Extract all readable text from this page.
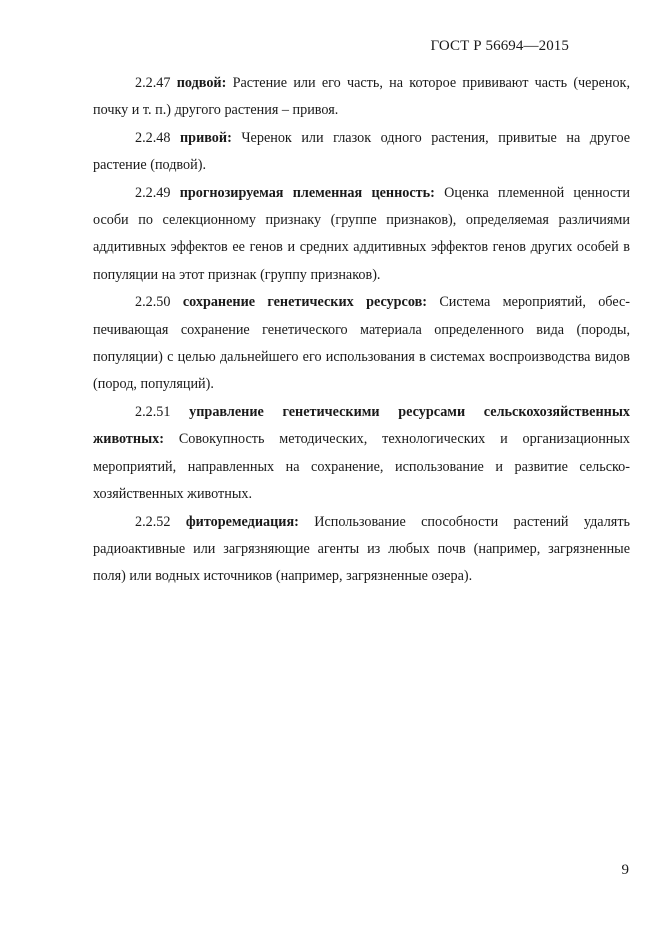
ГОСТ Р 56694—2015

2.2.47 подвой: Растение или его часть, на которое прививают часть (черенок, почку и т. п.) другого растения – привоя.

2.2.48 привой: Черенок или глазок одного растения, привитые на другое растение (подвой).

2.2.49 прогнозируемая племенная ценность: Оценка племенной ценности особи по селекционному признаку (группе признаков), определяемая различиями аддитивных эффектов ее генов и средних аддитивных эффектов генов других особей в популяции на этот признак (группу признаков).

2.2.50 сохранение генетических ресурсов: Система мероприятий, обеспечивающая сохранение генетического материала определенного вида (породы, популяции) с целью дальнейшего его использования в системах воспроизводства видов (пород, популяций).

2.2.51 управление генетическими ресурсами сельскохозяйственных животных: Совокупность методических, технологических и организационных мероприятий, направленных на сохранение, использование и развитие сельскохозяйственных животных.

2.2.52 фиторемедиация: Использование способности растений удалять радиоактивные или загрязняющие агенты из любых почв (например, загрязненные поля) или водных источников (например, загрязненные озера).

9
